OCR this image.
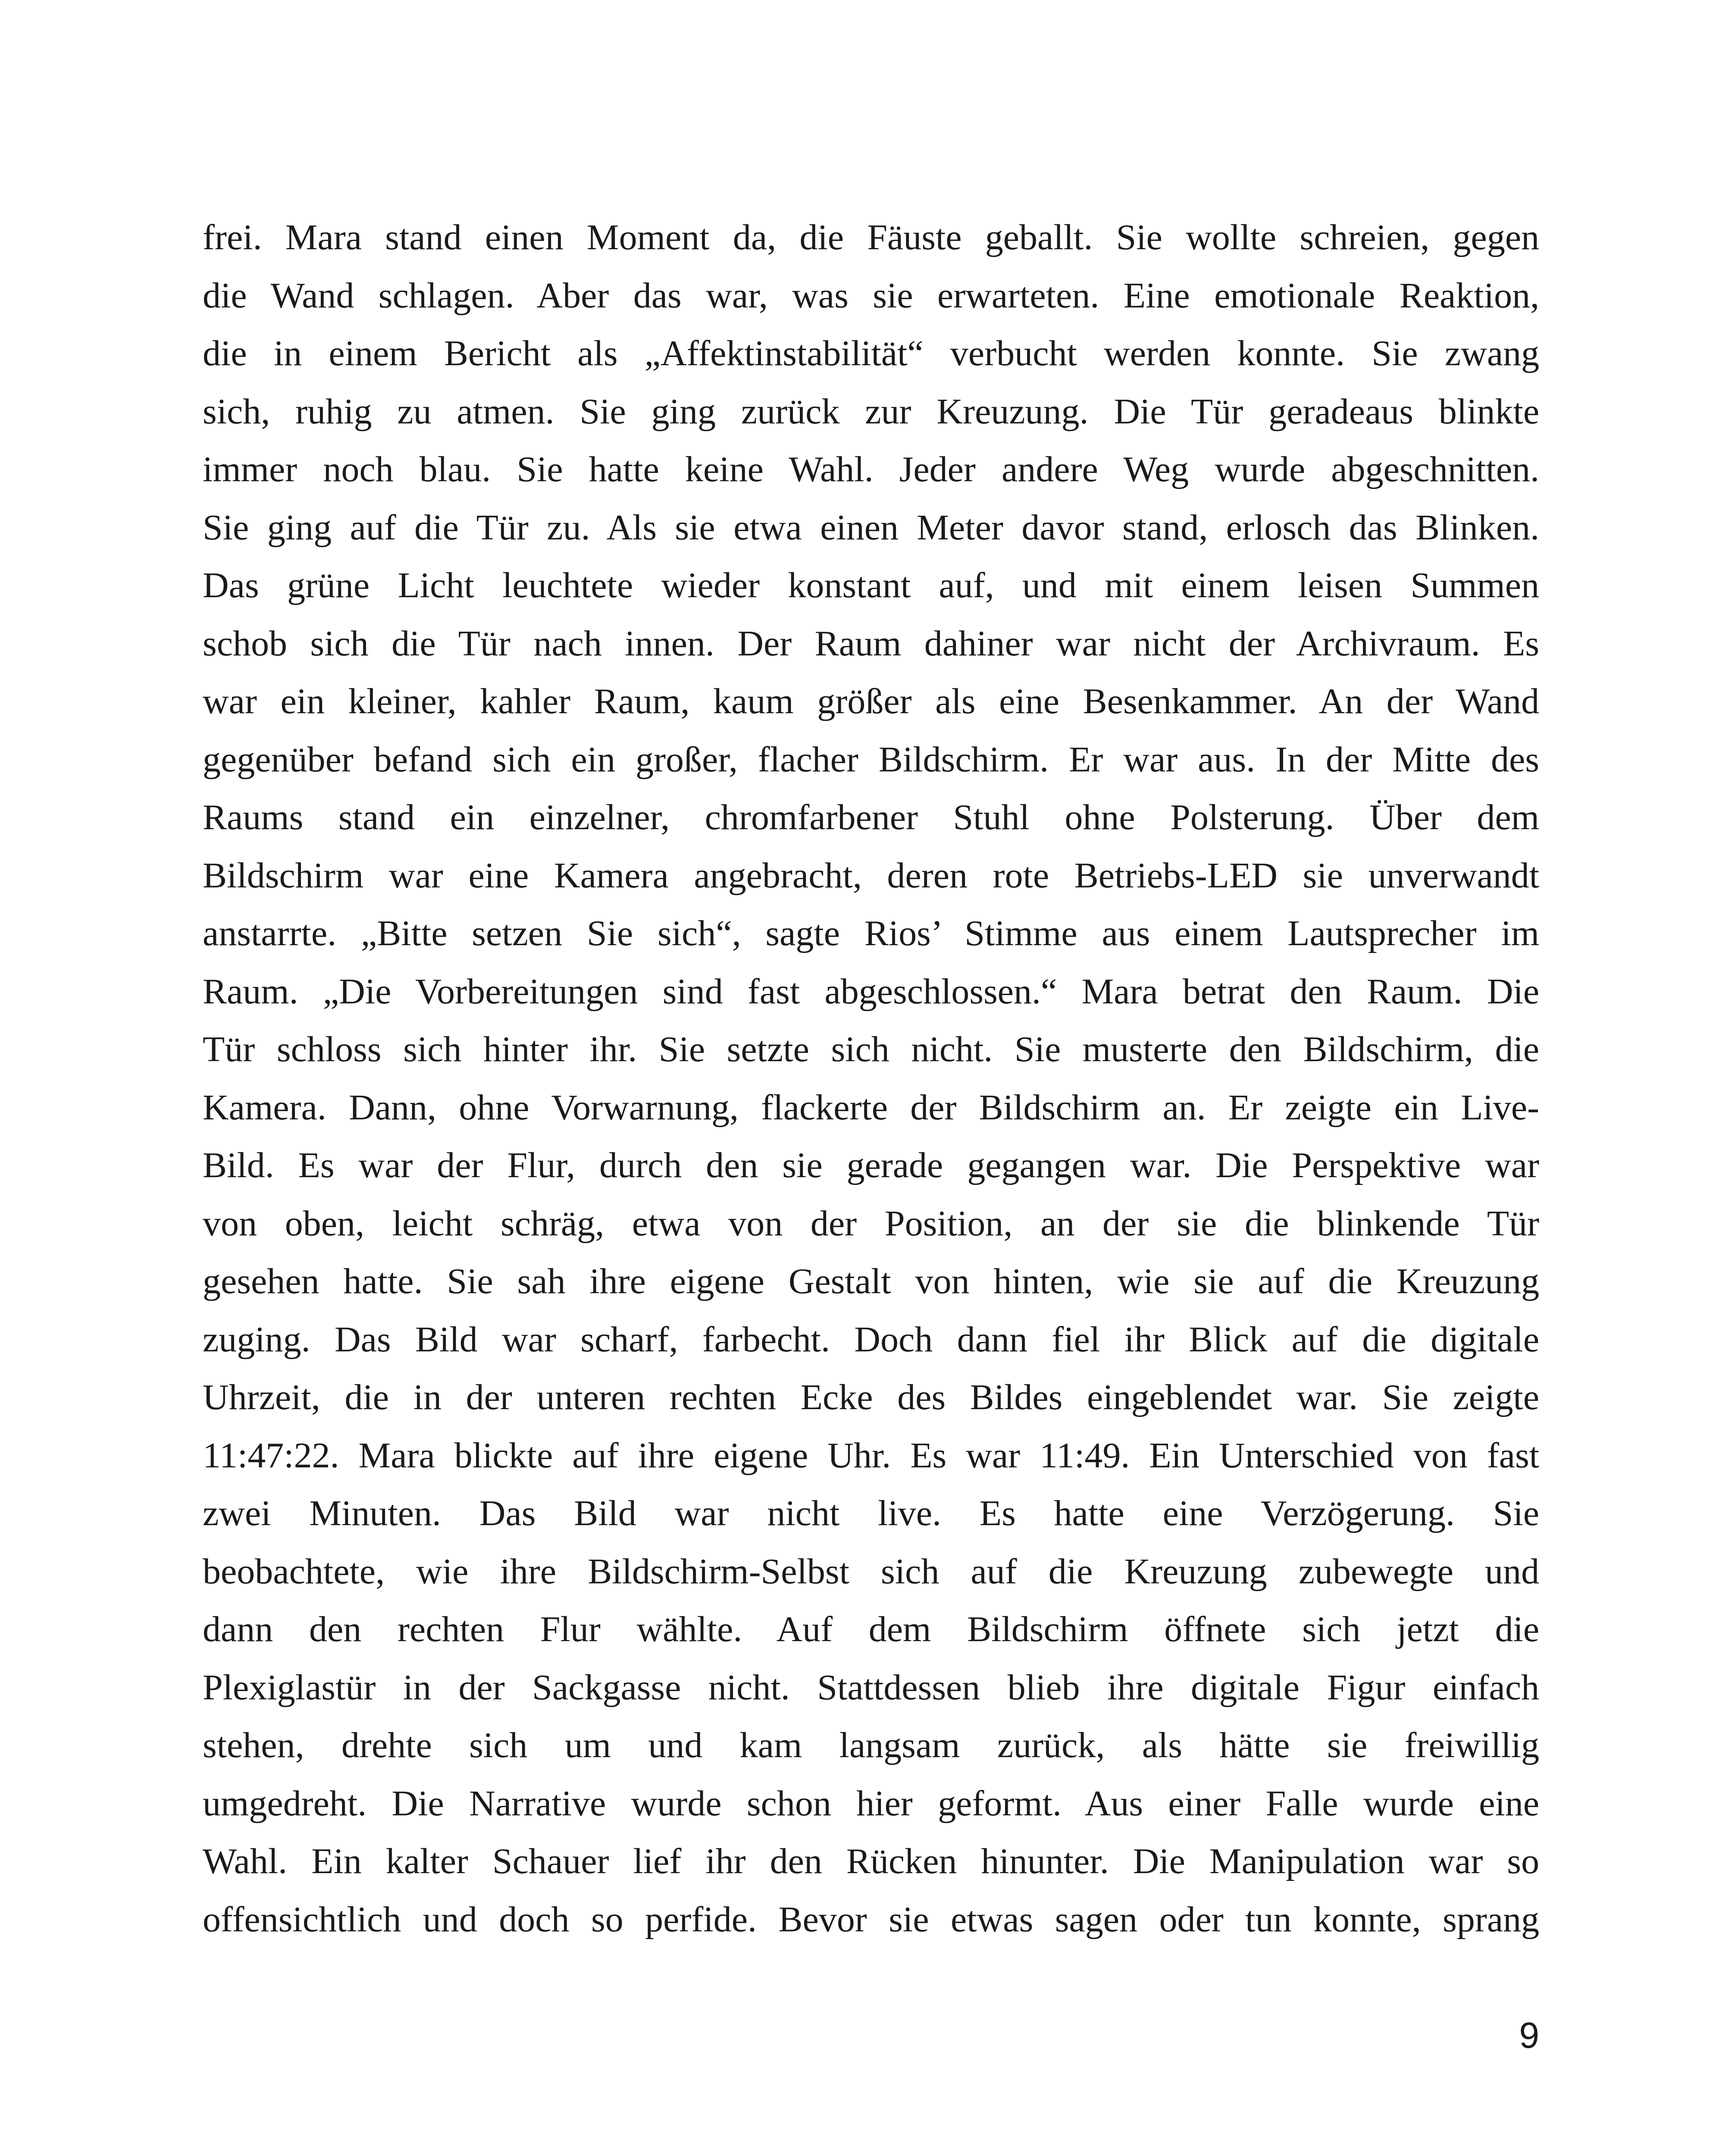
frei. Mara stand einen Moment da, die Fäuste geballt. Sie wollte schreien, gegen
die Wand schlagen. Aber das war, was sie erwarteten. Eine emotionale Reaktion,
die in einem Bericht als „Affektinstabilität“ verbucht werden konnte. Sie zwang
sich, ruhig zu atmen. Sie ging zurück zur Kreuzung. Die Tür geradeaus blinkte
immer noch blau. Sie hatte keine Wahl. Jeder andere Weg wurde abgeschnitten.
Sie ging auf die Tür zu. Als sie etwa einen Meter davor stand, erlosch das Blinken.
Das grüne Licht leuchtete wieder konstant auf, und mit einem leisen Summen
schob sich die Tür nach innen. Der Raum dahiner war nicht der Archivraum. Es
war ein kleiner, kahler Raum, kaum größer als eine Besenkammer. An der Wand
gegenüber befand sich ein großer, flacher Bildschirm. Er war aus. In der Mitte des
Raums stand ein einzelner, chromfarbener Stuhl ohne Polsterung. Über dem
Bildschirm war eine Kamera angebracht, deren rote Betriebs-LED sie unverwandt
anstarrte. „Bitte setzen Sie sich“, sagte Rios’ Stimme aus einem Lautsprecher im
Raum. „Die Vorbereitungen sind fast abgeschlossen.“ Mara betrat den Raum. Die
Tür schloss sich hinter ihr. Sie setzte sich nicht. Sie musterte den Bildschirm, die
Kamera. Dann, ohne Vorwarnung, flackerte der Bildschirm an. Er zeigte ein Live-
Bild. Es war der Flur, durch den sie gerade gegangen war. Die Perspektive war
von oben, leicht schräg, etwa von der Position, an der sie die blinkende Tür
gesehen hatte. Sie sah ihre eigene Gestalt von hinten, wie sie auf die Kreuzung
zuging. Das Bild war scharf, farbecht. Doch dann fiel ihr Blick auf die digitale
Uhrzeit, die in der unteren rechten Ecke des Bildes eingeblendet war. Sie zeigte
11:47:22. Mara blickte auf ihre eigene Uhr. Es war 11:49. Ein Unterschied von fast
zwei Minuten. Das Bild war nicht live. Es hatte eine Verzögerung. Sie
beobachtete, wie ihre Bildschirm-Selbst sich auf die Kreuzung zubewegte und
dann den rechten Flur wählte. Auf dem Bildschirm öffnete sich jetzt die
Plexiglastür in der Sackgasse nicht. Stattdessen blieb ihre digitale Figur einfach
stehen, drehte sich um und kam langsam zurück, als hätte sie freiwillig
umgedreht. Die Narrative wurde schon hier geformt. Aus einer Falle wurde eine
Wahl. Ein kalter Schauer lief ihr den Rücken hinunter. Die Manipulation war so
offensichtlich und doch so perfide. Bevor sie etwas sagen oder tun konnte, sprang
9
